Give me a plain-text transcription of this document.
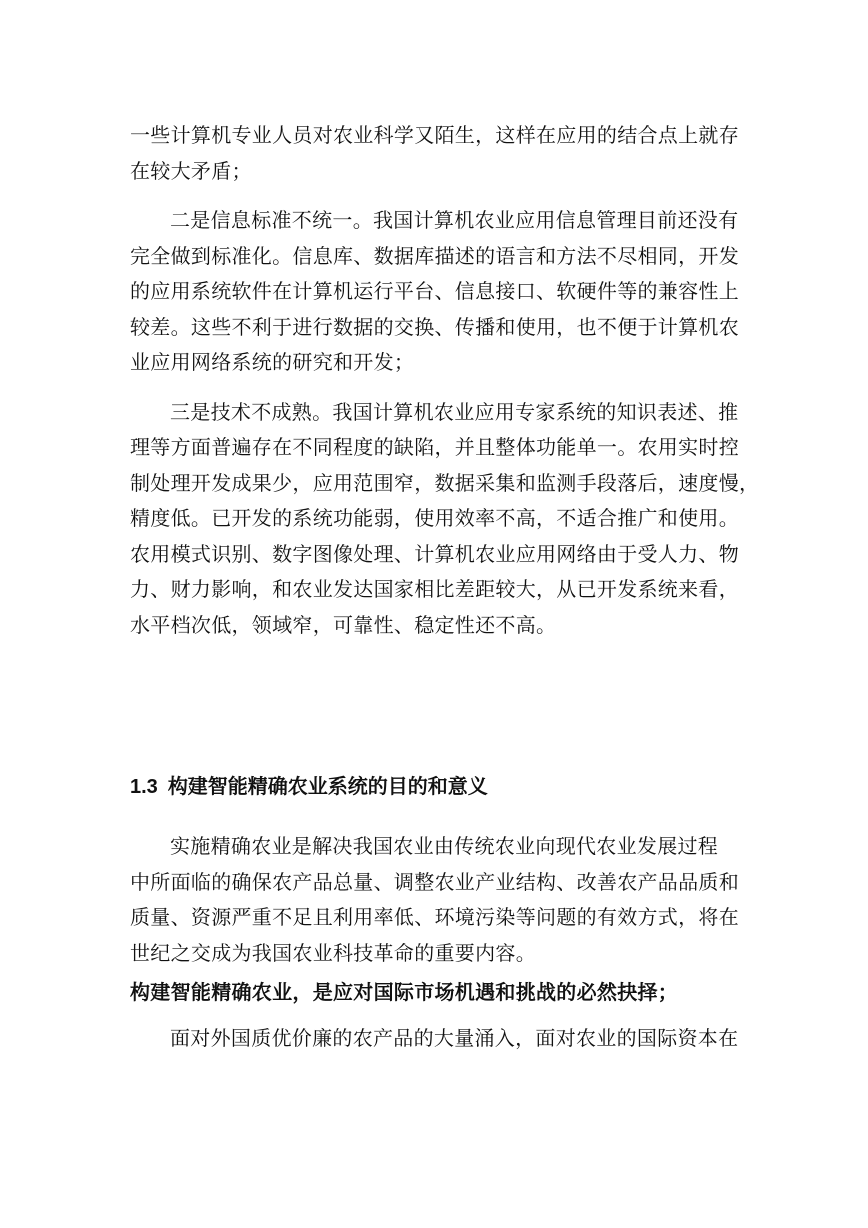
一些计算机专业人员对农业科学又陌生，这样在应用的结合点上就存
在较大矛盾；
二是信息标准不统一。我国计算机农业应用信息管理目前还没有
完全做到标准化。信息库、数据库描述的语言和方法不尽相同，开发
的应用系统软件在计算机运行平台、信息接口、软硬件等的兼容性上
较差。这些不利于进行数据的交换、传播和使用，也不便于计算机农
业应用网络系统的研究和开发；
三是技术不成熟。我国计算机农业应用专家系统的知识表述、推
理等方面普遍存在不同程度的缺陷，并且整体功能单一。农用实时控
制处理开发成果少，应用范围窄，数据采集和监测手段落后，速度慢，
精度低。已开发的系统功能弱，使用效率不高，不适合推广和使用。
农用模式识别、数字图像处理、计算机农业应用网络由于受人力、物
力、财力影响，和农业发达国家相比差距较大，从已开发系统来看，
水平档次低，领域窄，可靠性、稳定性还不高。
1.3 构建智能精确农业系统的目的和意义
实施精确农业是解决我国农业由传统农业向现代农业发展过程
中所面临的确保农产品总量、调整农业产业结构、改善农产品品质和
质量、资源严重不足且利用率低、环境污染等问题的有效方式，将在
世纪之交成为我国农业科技革命的重要内容。
构建智能精确农业，是应对国际市场机遇和挑战的必然抉择；
面对外国质优价廉的农产品的大量涌入，面对农业的国际资本在
